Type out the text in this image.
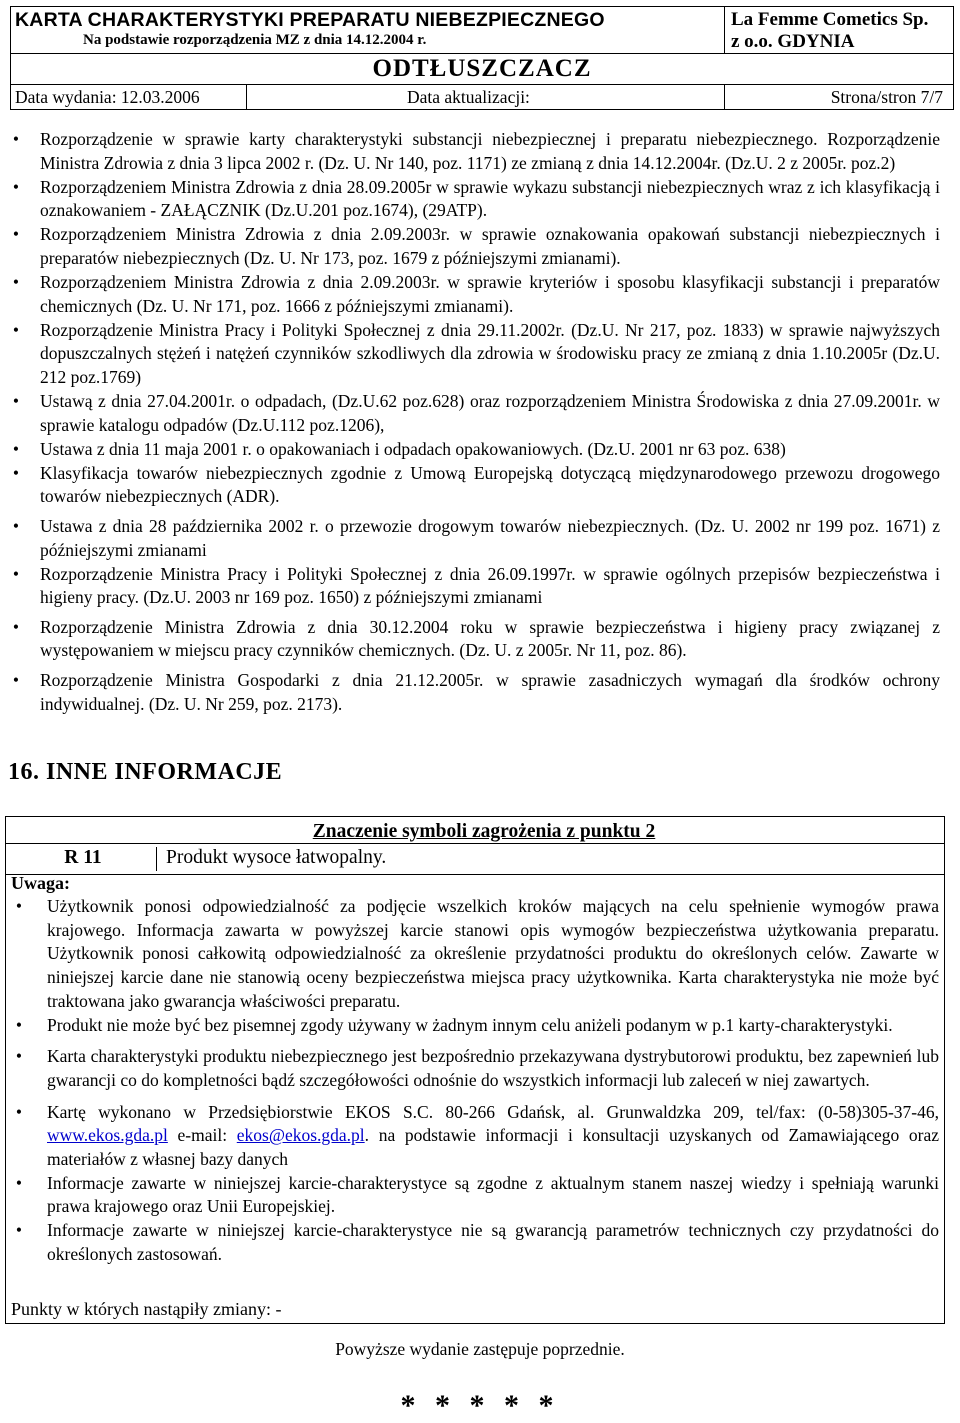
KARTA CHARAKTERYSTYKI PREPARATU NIEBEZPIECZNEGO
Na podstawie rozporządzenia MZ z dnia 14.12.2004 r.
La Femme Cometics Sp.
z o.o. GDYNIA
ODTŁUSZCZACZ
Data wydania: 12.03.2006	Data aktualizacji:	Strona/stron 7/7
• Rozporządzenie w sprawie karty charakterystyki substancji niebezpiecznej i preparatu niebezpiecznego. Rozporządzenie Ministra Zdrowia z dnia 3 lipca 2002 r. (Dz. U. Nr 140, poz. 1171) ze zmianą z dnia 14.12.2004r. (Dz.U. 2 z 2005r. poz.2)
• Rozporządzeniem Ministra Zdrowia z dnia 28.09.2005r w sprawie wykazu substancji niebezpiecznych wraz z ich klasyfikacją i oznakowaniem - ZAŁĄCZNIK (Dz.U.201 poz.1674), (29ATP).
• Rozporządzeniem Ministra Zdrowia z dnia 2.09.2003r. w sprawie oznakowania opakowań substancji niebezpiecznych i preparatów niebezpiecznych (Dz. U. Nr 173, poz. 1679 z późniejszymi zmianami).
• Rozporządzeniem Ministra Zdrowia z dnia 2.09.2003r. w sprawie kryteriów i sposobu klasyfikacji substancji i preparatów chemicznych (Dz. U. Nr 171, poz. 1666 z późniejszymi zmianami).
• Rozporządzenie Ministra Pracy i Polityki Społecznej z dnia 29.11.2002r. (Dz.U. Nr 217, poz. 1833) w sprawie najwyższych dopuszczalnych stężeń i natężeń czynników szkodliwych dla zdrowia w środowisku pracy ze zmianą z dnia 1.10.2005r (Dz.U. 212 poz.1769)
• Ustawą z dnia 27.04.2001r. o odpadach, (Dz.U.62 poz.628) oraz rozporządzeniem Ministra Środowiska z dnia 27.09.2001r. w sprawie katalogu odpadów (Dz.U.112 poz.1206),
• Ustawa z dnia 11 maja 2001 r. o opakowaniach i odpadach opakowaniowych. (Dz.U. 2001 nr 63 poz. 638)
• Klasyfikacja towarów niebezpiecznych zgodnie z Umową Europejską dotyczącą międzynarodowego przewozu drogowego towarów niebezpiecznych (ADR).
• Ustawa z dnia 28 października 2002 r. o przewozie drogowym towarów niebezpiecznych. (Dz. U. 2002 nr 199 poz. 1671) z późniejszymi zmianami
• Rozporządzenie Ministra Pracy i Polityki Społecznej z dnia 26.09.1997r. w sprawie ogólnych przepisów bezpieczeństwa i higieny pracy. (Dz.U. 2003 nr 169 poz. 1650) z późniejszymi zmianami
• Rozporządzenie Ministra Zdrowia z dnia 30.12.2004 roku w sprawie bezpieczeństwa i higieny pracy związanej z występowaniem w miejscu pracy czynników chemicznych. (Dz. U. z 2005r. Nr 11, poz. 86).
• Rozporządzenie Ministra Gospodarki z dnia 21.12.2005r. w sprawie zasadniczych wymagań dla środków ochrony indywidualnej. (Dz. U. Nr 259, poz. 2173).
16. INNE INFORMACJE
Znaczenie symboli zagrożenia z punktu 2
R 11	Produkt wysoce łatwopalny.
Uwaga:
• Użytkownik ponosi odpowiedzialność za podjęcie wszelkich kroków mających na celu spełnienie wymogów prawa krajowego. Informacja zawarta w powyższej karcie stanowi opis wymogów bezpieczeństwa użytkowania preparatu. Użytkownik ponosi całkowitą odpowiedzialność za określenie przydatności produktu do określonych celów. Zawarte w niniejszej karcie dane nie stanowią oceny bezpieczeństwa miejsca pracy użytkownika. Karta charakterystyka nie może być traktowana jako gwarancja właściwości preparatu.
• Produkt nie może być bez pisemnej zgody używany w żadnym innym celu aniżeli podanym w p.1 karty-charakterystyki.
• Karta charakterystyki produktu niebezpiecznego jest bezpośrednio przekazywana dystrybutorowi produktu, bez zapewnień lub gwarancji co do kompletności bądź szczegółowości odnośnie do wszystkich informacji lub zaleceń w niej zawartych.
• Kartę wykonano w Przedsiębiorstwie EKOS S.C. 80-266 Gdańsk, al. Grunwaldzka 209, tel/fax: (0-58)305-37-46, www.ekos.gda.pl e-mail: ekos@ekos.gda.pl. na podstawie informacji i konsultacji uzyskanych od Zamawiającego oraz materiałów z własnej bazy danych
• Informacje zawarte w niniejszej karcie-charakterystyce są zgodne z aktualnym stanem naszej wiedzy i spełniają warunki prawa krajowego oraz Unii Europejskiej.
• Informacje zawarte w niniejszej karcie-charakterystyce nie są gwarancją parametrów technicznych czy przydatności do określonych zastosowań.
Punkty w których nastąpiły zmiany: -
Powyższe wydanie zastępuje poprzednie.
* * * * *
